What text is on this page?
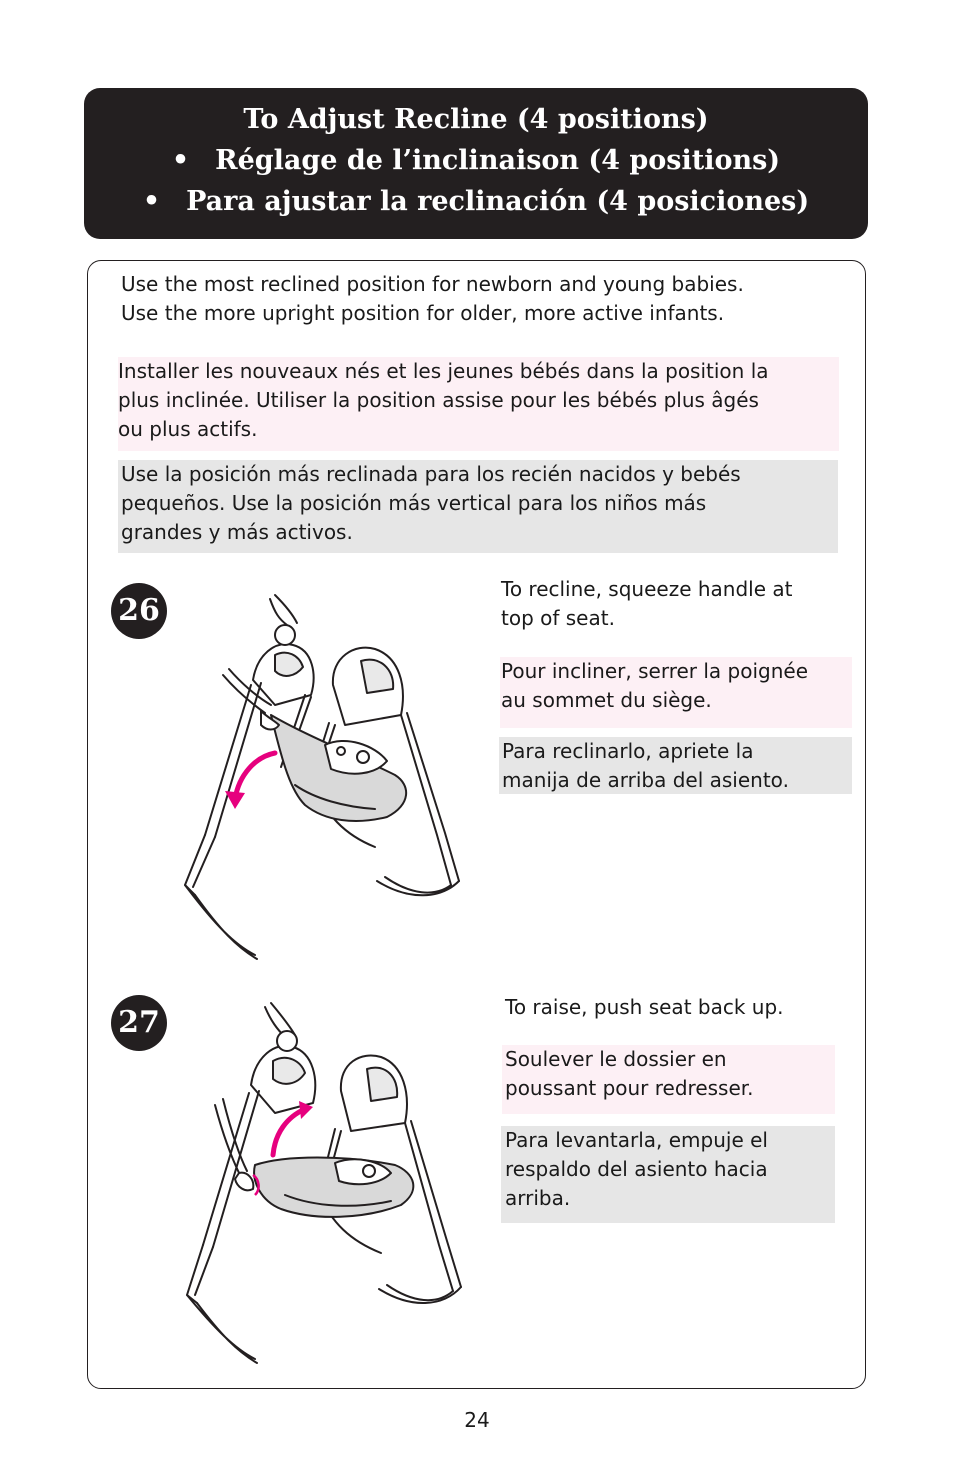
To Adjust Recline (4 positions)
• Réglage de l’inclinaison (4 positions)
• Para ajustar la reclinación (4 posiciones)
Use the most reclined position for newborn and young babies.
Use the more upright position for older, more active infants.
Installer les nouveaux nés et les jeunes bébés dans la position la
plus inclinée. Utiliser la position assise pour les bébés plus âgés
ou plus actifs.
Use la posición más reclinada para los recién nacidos y bebés
pequeños. Use la posición más vertical para los niños más
grandes y más activos.
26
To recline, squeeze handle at
top of seat.
Pour incliner, serrer la poignée
au sommet du siège.
Para reclinarlo, apriete la
manija de arriba del asiento.
27	To raise, push seat back up.
Soulever le dossier en
poussant pour redresser.
Para levantarla, empuje el
respaldo del asiento hacia
arriba.
24
